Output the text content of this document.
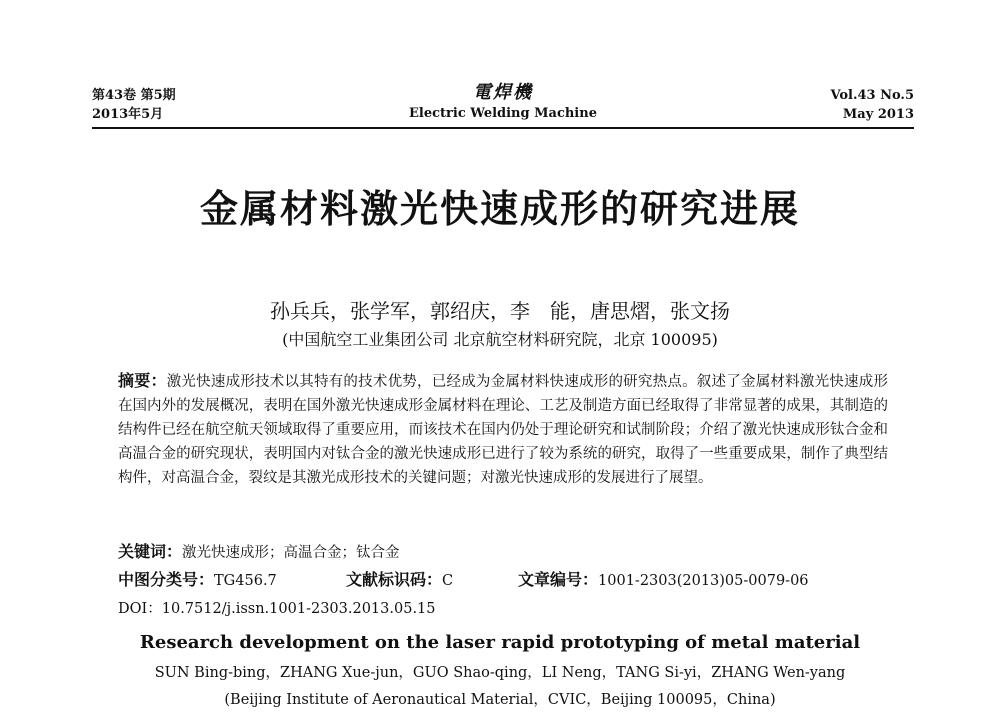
第43卷 第5期
2013年5月
電焊機
Electric Welding Machine
Vol.43 No.5
May 2013
金属材料激光快速成形的研究进展
孙兵兵，张学军，郭绍庆，李　能，唐思熠，张文扬
(中国航空工业集团公司 北京航空材料研究院，北京 100095)
摘要：激光快速成形技术以其特有的技术优势，已经成为金属材料快速成形的研究热点。叙述了金属材料激光快速成形在国内外的发展概况，表明在国外激光快速成形金属材料在理论、工艺及制造方面已经取得了非常显著的成果，其制造的结构件已经在航空航天领域取得了重要应用，而该技术在国内仍处于理论研究和试制阶段；介绍了激光快速成形钛合金和高温合金的研究现状，表明国内对钛合金的激光快速成形已进行了较为系统的研究，取得了一些重要成果，制作了典型结构件，对高温合金，裂纹是其激光成形技术的关键问题；对激光快速成形的发展进行了展望。
关键词：激光快速成形；高温合金；钛合金
中图分类号：TG456.7	文献标识码：C	文章编号：1001-2303(2013)05-0079-06
DOI：10.7512/j.issn.1001-2303.2013.05.15
Research development on the laser rapid prototyping of metal material
SUN Bing-bing，ZHANG Xue-jun，GUO Shao-qing，LI Neng，TANG Si-yi，ZHANG Wen-yang
(Beijing Institute of Aeronautical Material，CVIC，Beijing 100095，China)
